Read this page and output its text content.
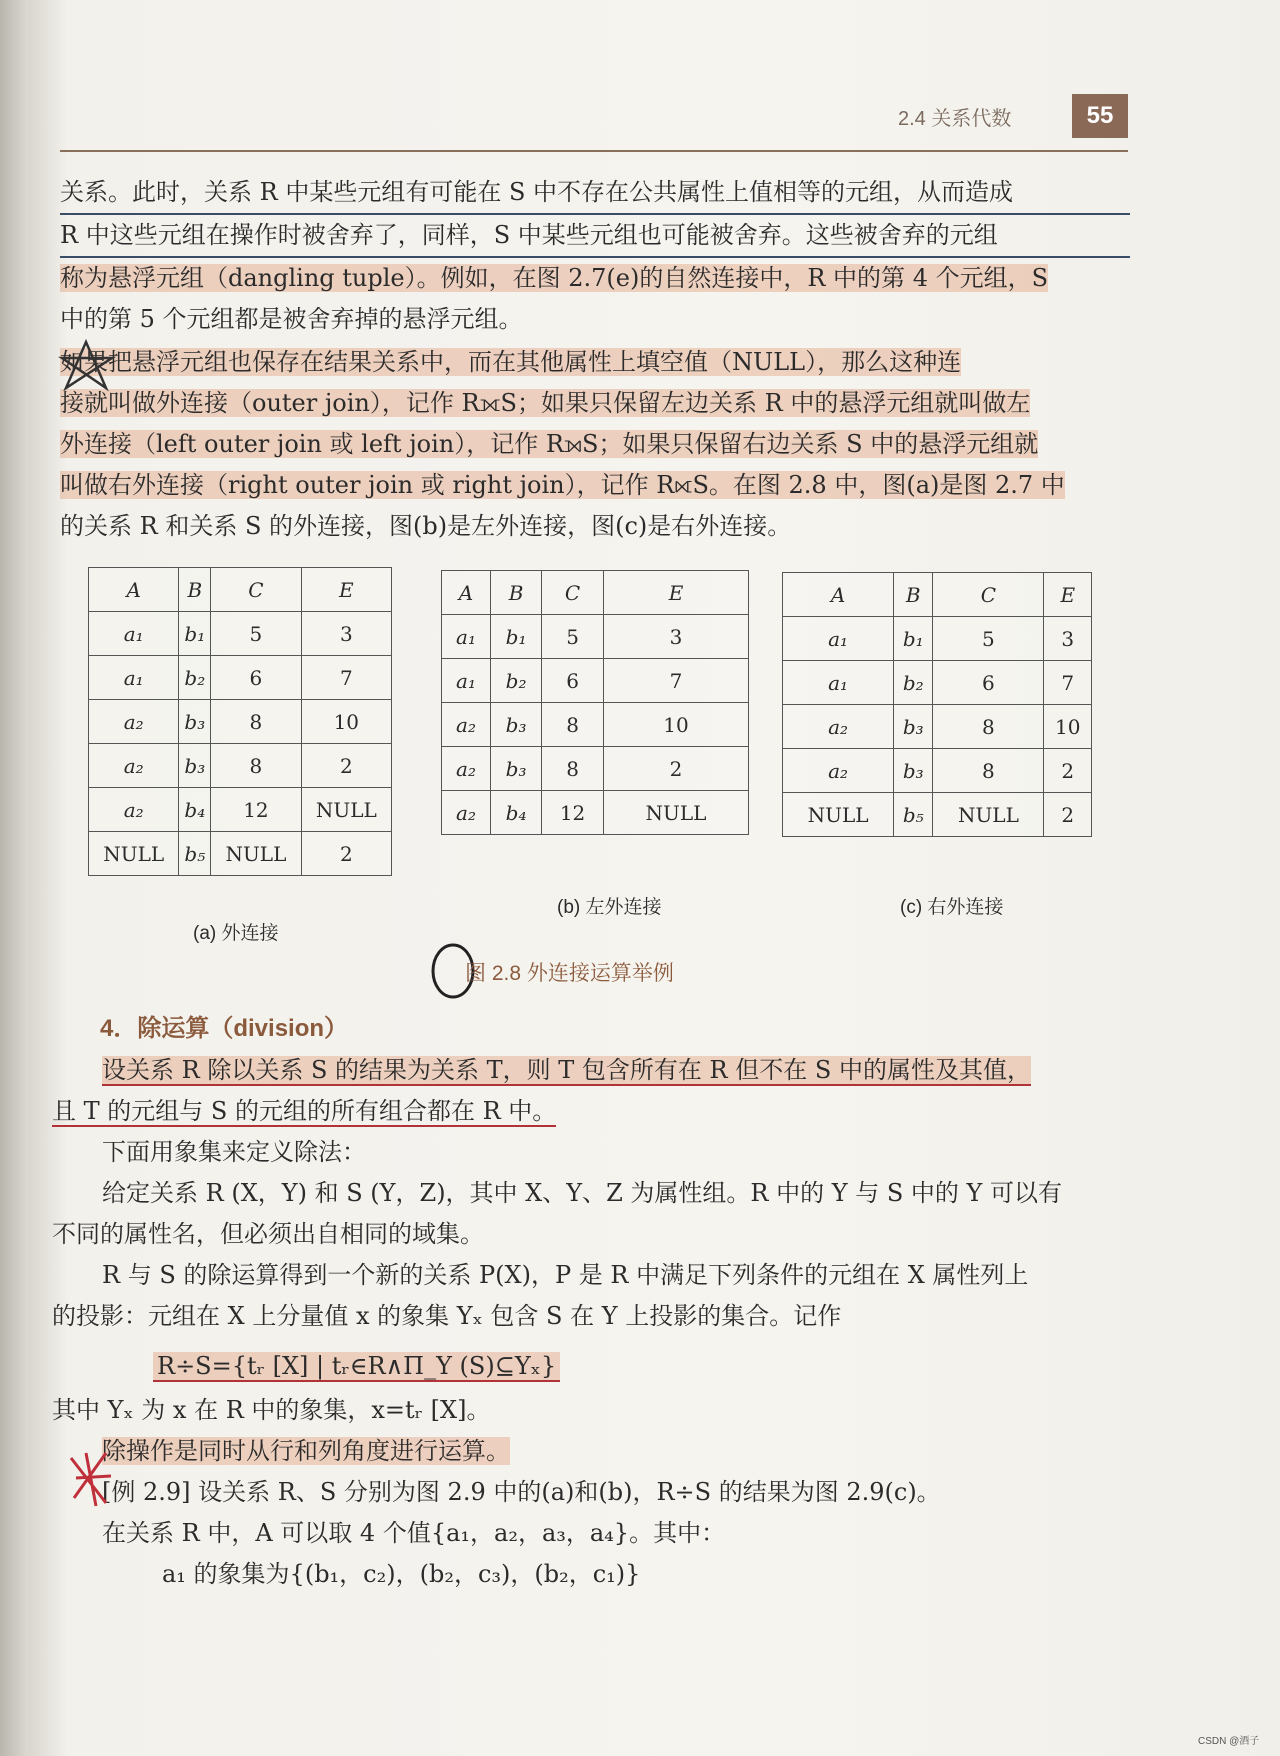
2.4 关系代数	55

关系。此时，关系 R 中某些元组有可能在 S 中不存在公共属性上值相等的元组，从而造成

R 中这些元组在操作时被舍弃了，同样，S 中某些元组也可能被舍弃。这些被舍弃的元组

称为悬浮元组（dangling tuple）。例如，在图 2.7(e)的自然连接中，R 中的第 4 个元组，S

中的第 5 个元组都是被舍弃掉的悬浮元组。

如果把悬浮元组也保存在结果关系中，而在其他属性上填空值（NULL），那么这种连

接就叫做外连接（outer join），记作 R⟗S；如果只保留左边关系 R 中的悬浮元组就叫做左

外连接（left outer join 或 left join），记作 R⟕S；如果只保留右边关系 S 中的悬浮元组就

叫做右外连接（right outer join 或 right join），记作 R⟖S。在图 2.8 中，图(a)是图 2.7 中

的关系 R 和关系 S 的外连接，图(b)是左外连接，图(c)是右外连接。

A	B	C	E
a₁	b₁	5	3
a₁	b₂	6	7
a₂	b₃	8	10
a₂	b₃	8	2
a₂	b₄	12	NULL
NULL	b₅	NULL	2
(a) 外连接
A	B	C	E
a₁	b₁	5	3
a₁	b₂	6	7
a₂	b₃	8	10
a₂	b₃	8	2
a₂	b₄	12	NULL
(b) 左外连接
A	B	C	E
a₁	b₁	5	3
a₁	b₂	6	7
a₂	b₃	8	10
a₂	b₃	8	2
NULL	b₅	NULL	2
(c) 右外连接
图 2.8 外连接运算举例

4．除运算（division）

设关系 R 除以关系 S 的结果为关系 T，则 T 包含所有在 R 但不在 S 中的属性及其值，

且 T 的元组与 S 的元组的所有组合都在 R 中。

下面用象集来定义除法：

给定关系 R (X，Y) 和 S (Y，Z)，其中 X、Y、Z 为属性组。R 中的 Y 与 S 中的 Y 可以有

不同的属性名，但必须出自相同的域集。

R 与 S 的除运算得到一个新的关系 P(X)，P 是 R 中满足下列条件的元组在 X 属性列上

的投影：元组在 X 上分量值 x 的象集 Yₓ 包含 S 在 Y 上投影的集合。记作

R÷S={tᵣ [X] | tᵣ∈R∧Π_Y (S)⊆Yₓ}

其中 Yₓ 为 x 在 R 中的象集，x=tᵣ [X]。

除操作是同时从行和列角度进行运算。

[例 2.9] 设关系 R、S 分别为图 2.9 中的(a)和(b)，R÷S 的结果为图 2.9(c)。

在关系 R 中，A 可以取 4 个值{a₁，a₂，a₃，a₄}。其中：

a₁ 的象集为{(b₁，c₂)，(b₂，c₃)，(b₂，c₁)}

CSDN @酒子
